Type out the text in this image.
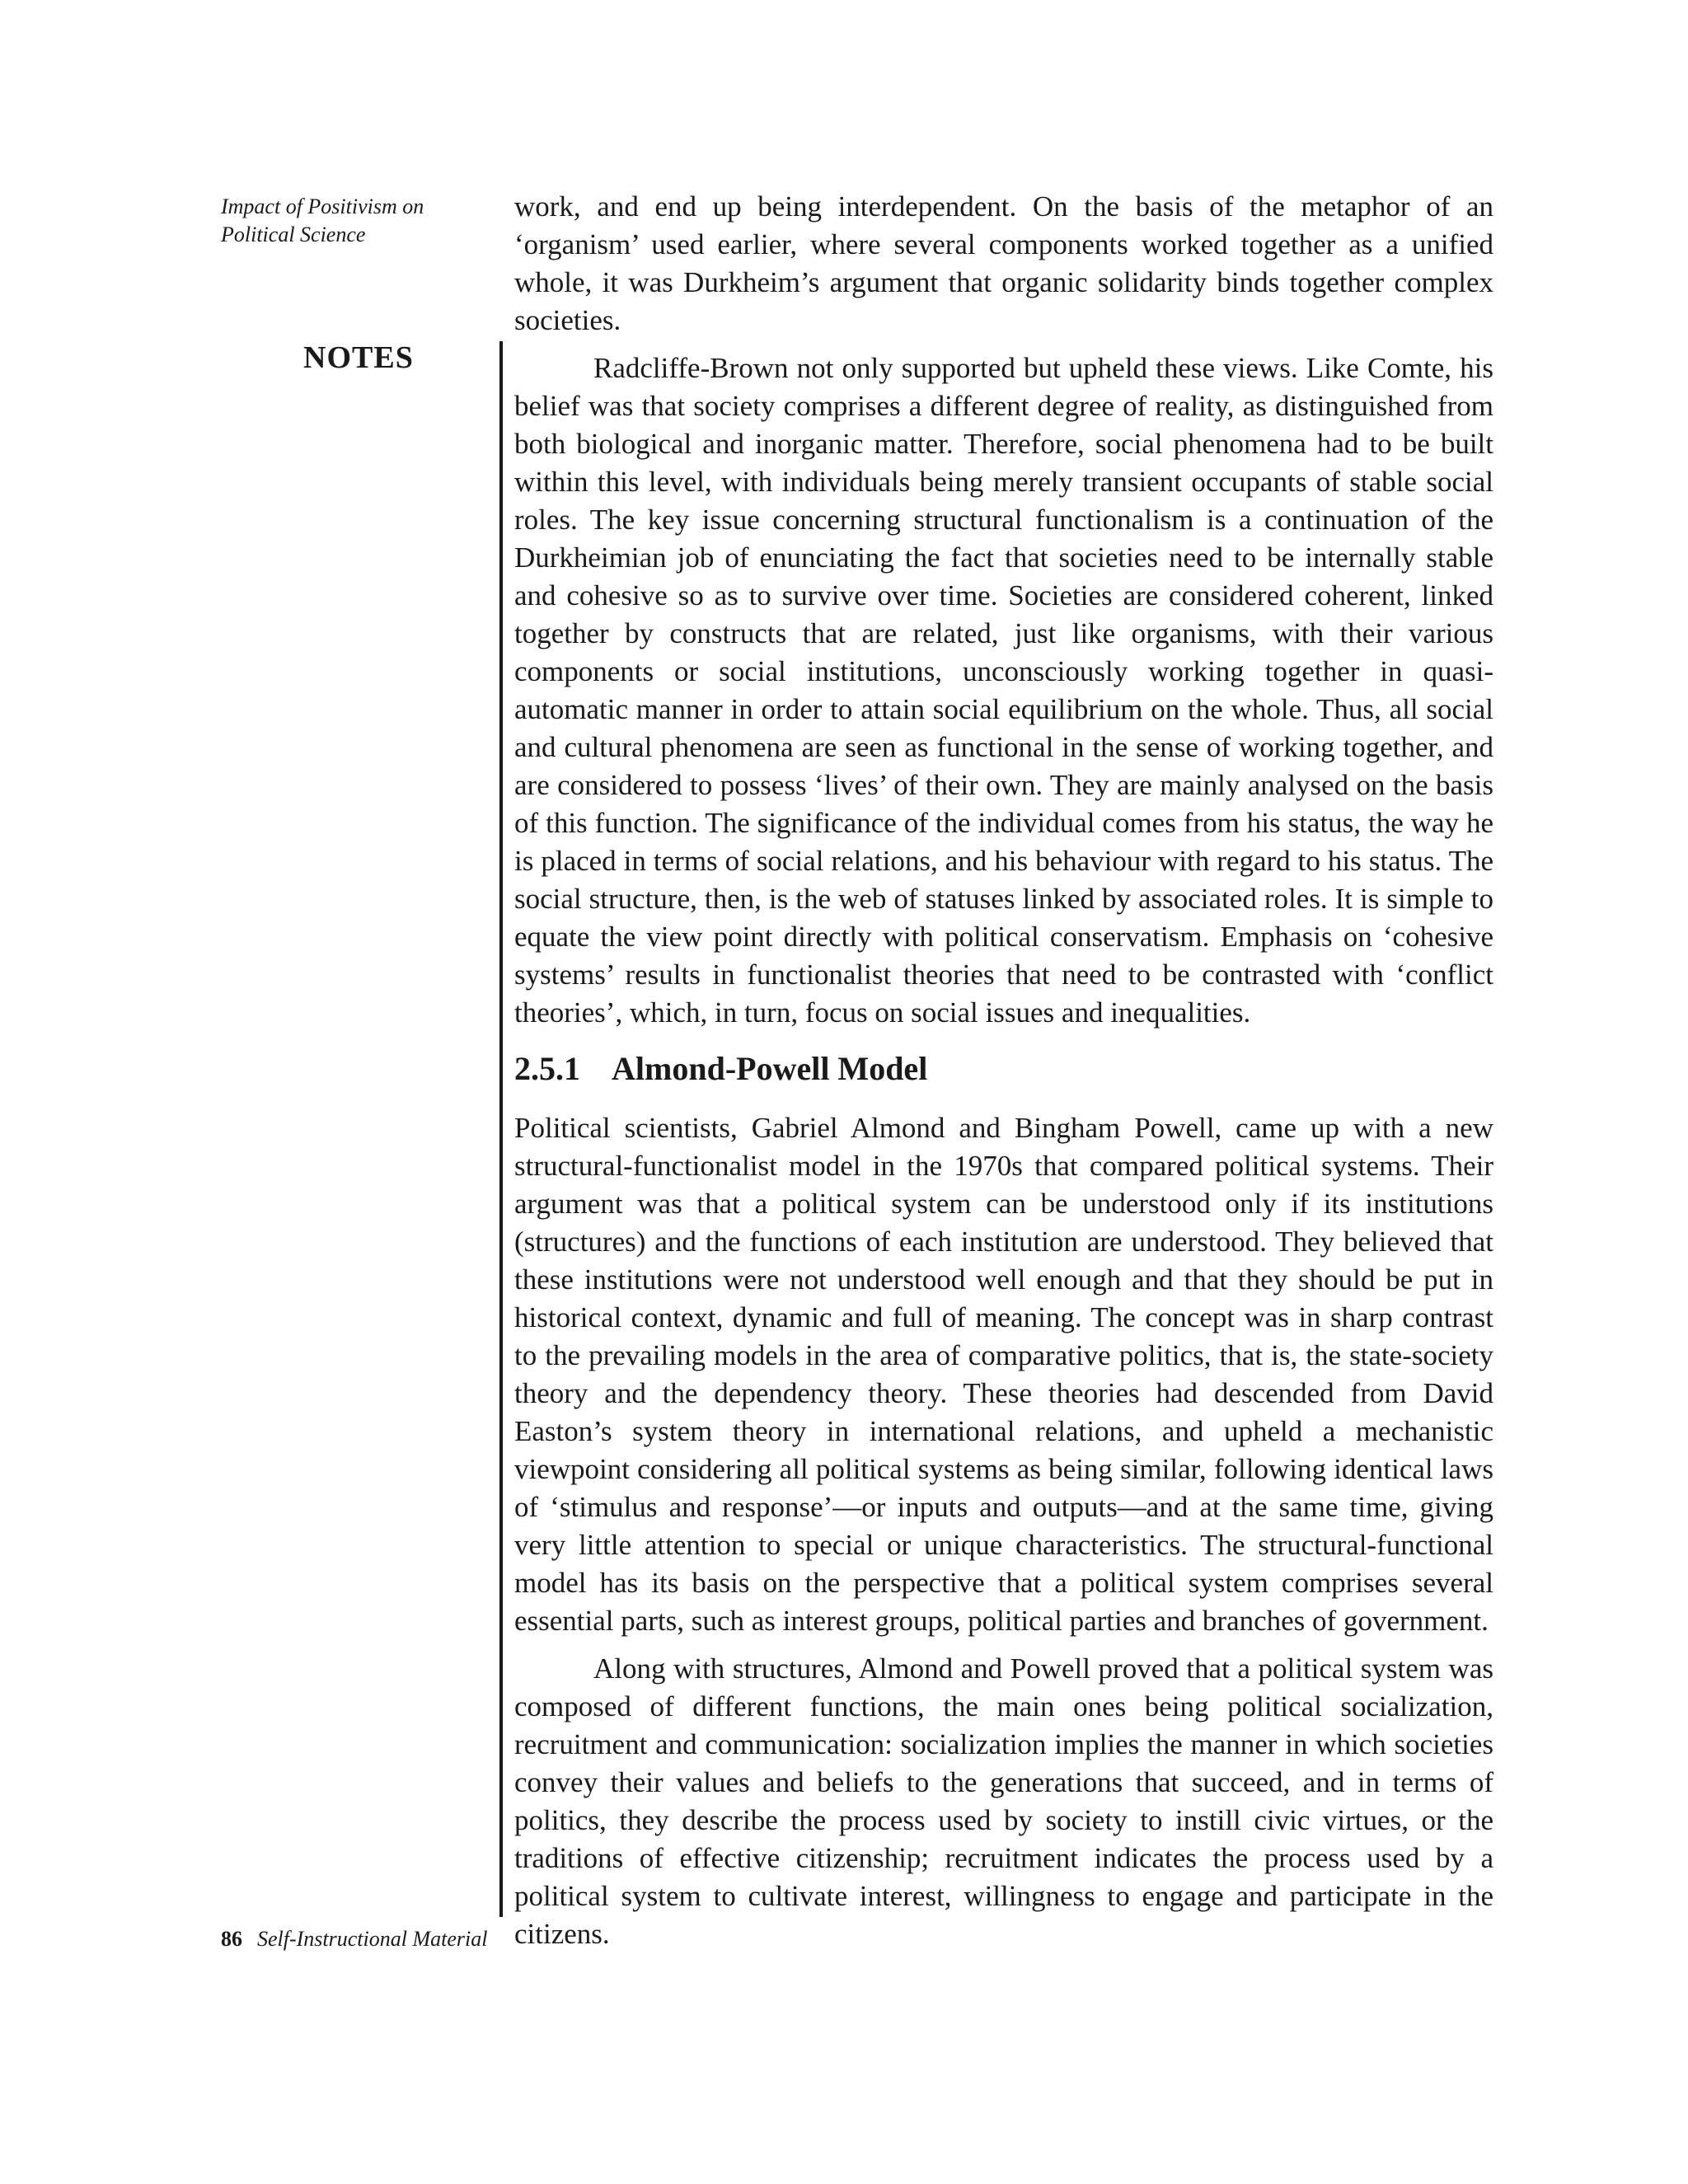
Impact of Positivism on
Political Science
NOTES

work, and end up being interdependent. On the basis of the metaphor of an ‘organism’ used earlier, where several components worked together as a unified whole, it was Durkheim’s argument that organic solidarity binds together complex societies.

Radcliffe-Brown not only supported but upheld these views. Like Comte, his belief was that society comprises a different degree of reality, as distinguished from both biological and inorganic matter. Therefore, social phenomena had to be built within this level, with individuals being merely transient occupants of stable social roles. The key issue concerning structural functionalism is a continuation of the Durkheimian job of enunciating the fact that societies need to be internally stable and cohesive so as to survive over time. Societies are considered coherent, linked together by constructs that are related, just like organisms, with their various components or social institutions, unconsciously working together in quasi-automatic manner in order to attain social equilibrium on the whole. Thus, all social and cultural phenomena are seen as functional in the sense of working together, and are considered to possess ‘lives’ of their own. They are mainly analysed on the basis of this function. The significance of the individual comes from his status, the way he is placed in terms of social relations, and his behaviour with regard to his status. The social structure, then, is the web of statuses linked by associated roles. It is simple to equate the view point directly with political conservatism. Emphasis on ‘cohesive systems’ results in functionalist theories that need to be contrasted with ‘conflict theories’, which, in turn, focus on social issues and inequalities.

2.5.1 Almond-Powell Model

Political scientists, Gabriel Almond and Bingham Powell, came up with a new structural-functionalist model in the 1970s that compared political systems. Their argument was that a political system can be understood only if its institutions (structures) and the functions of each institution are understood. They believed that these institutions were not understood well enough and that they should be put in historical context, dynamic and full of meaning. The concept was in sharp contrast to the prevailing models in the area of comparative politics, that is, the state-society theory and the dependency theory. These theories had descended from David Easton’s system theory in international relations, and upheld a mechanistic viewpoint considering all political systems as being similar, following identical laws of ‘stimulus and response’—or inputs and outputs—and at the same time, giving very little attention to special or unique characteristics. The structural-functional model has its basis on the perspective that a political system comprises several essential parts, such as interest groups, political parties and branches of government.

Along with structures, Almond and Powell proved that a political system was composed of different functions, the main ones being political socialization, recruitment and communication: socialization implies the manner in which societies convey their values and beliefs to the generations that succeed, and in terms of politics, they describe the process used by society to instill civic virtues, or the traditions of effective citizenship; recruitment indicates the process used by a political system to cultivate interest, willingness to engage and participate in the citizens.

86 Self-Instructional Material
